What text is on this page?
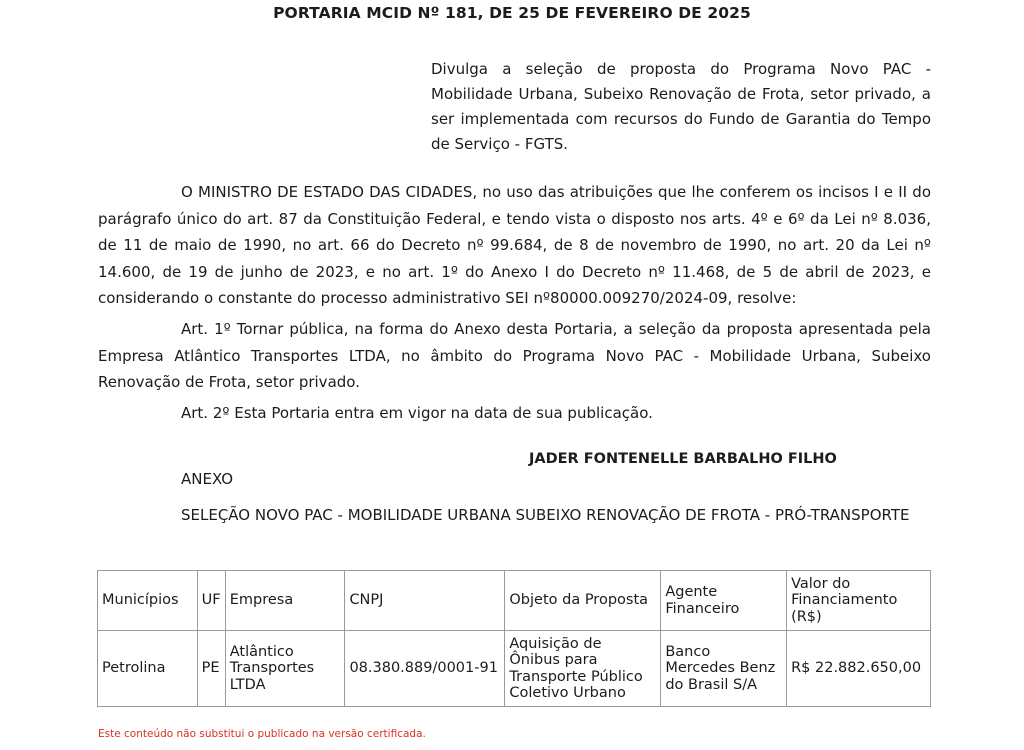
PORTARIA MCID Nº 181, DE 25 DE FEVEREIRO DE 2025
Divulga a seleção de proposta do Programa Novo PAC - Mobilidade Urbana, Subeixo Renovação de Frota, setor privado, a ser implementada com recursos do Fundo de Garantia do Tempo de Serviço - FGTS.
O MINISTRO DE ESTADO DAS CIDADES, no uso das atribuições que lhe conferem os incisos I e II do parágrafo único do art. 87 da Constituição Federal, e tendo vista o disposto nos arts. 4º e 6º da Lei nº 8.036, de 11 de maio de 1990, no art. 66 do Decreto nº 99.684, de 8 de novembro de 1990, no art. 20 da Lei nº 14.600, de 19 de junho de 2023, e no art. 1º do Anexo I do Decreto nº 11.468, de 5 de abril de 2023, e considerando o constante do processo administrativo SEI nº80000.009270/2024-09, resolve:
Art. 1º Tornar pública, na forma do Anexo desta Portaria, a seleção da proposta apresentada pela Empresa Atlântico Transportes LTDA, no âmbito do Programa Novo PAC - Mobilidade Urbana, Subeixo Renovação de Frota, setor privado.
Art. 2º Esta Portaria entra em vigor na data de sua publicação.
JADER FONTENELLE BARBALHO FILHO
ANEXO
SELEÇÃO NOVO PAC - MOBILIDADE URBANA SUBEIXO RENOVAÇÃO DE FROTA - PRÓ-TRANSPORTE
Municípios	UF	Empresa	CNPJ	Objeto da Proposta	Agente Financeiro	Valor do Financiamento (R$)
Petrolina	PE	Atlântico Transportes LTDA	08.380.889/0001-91	Aquisição de Ônibus para Transporte Público Coletivo Urbano	Banco Mercedes Benz do Brasil S/A	R$ 22.882.650,00
Este conteúdo não substitui o publicado na versão certificada.
